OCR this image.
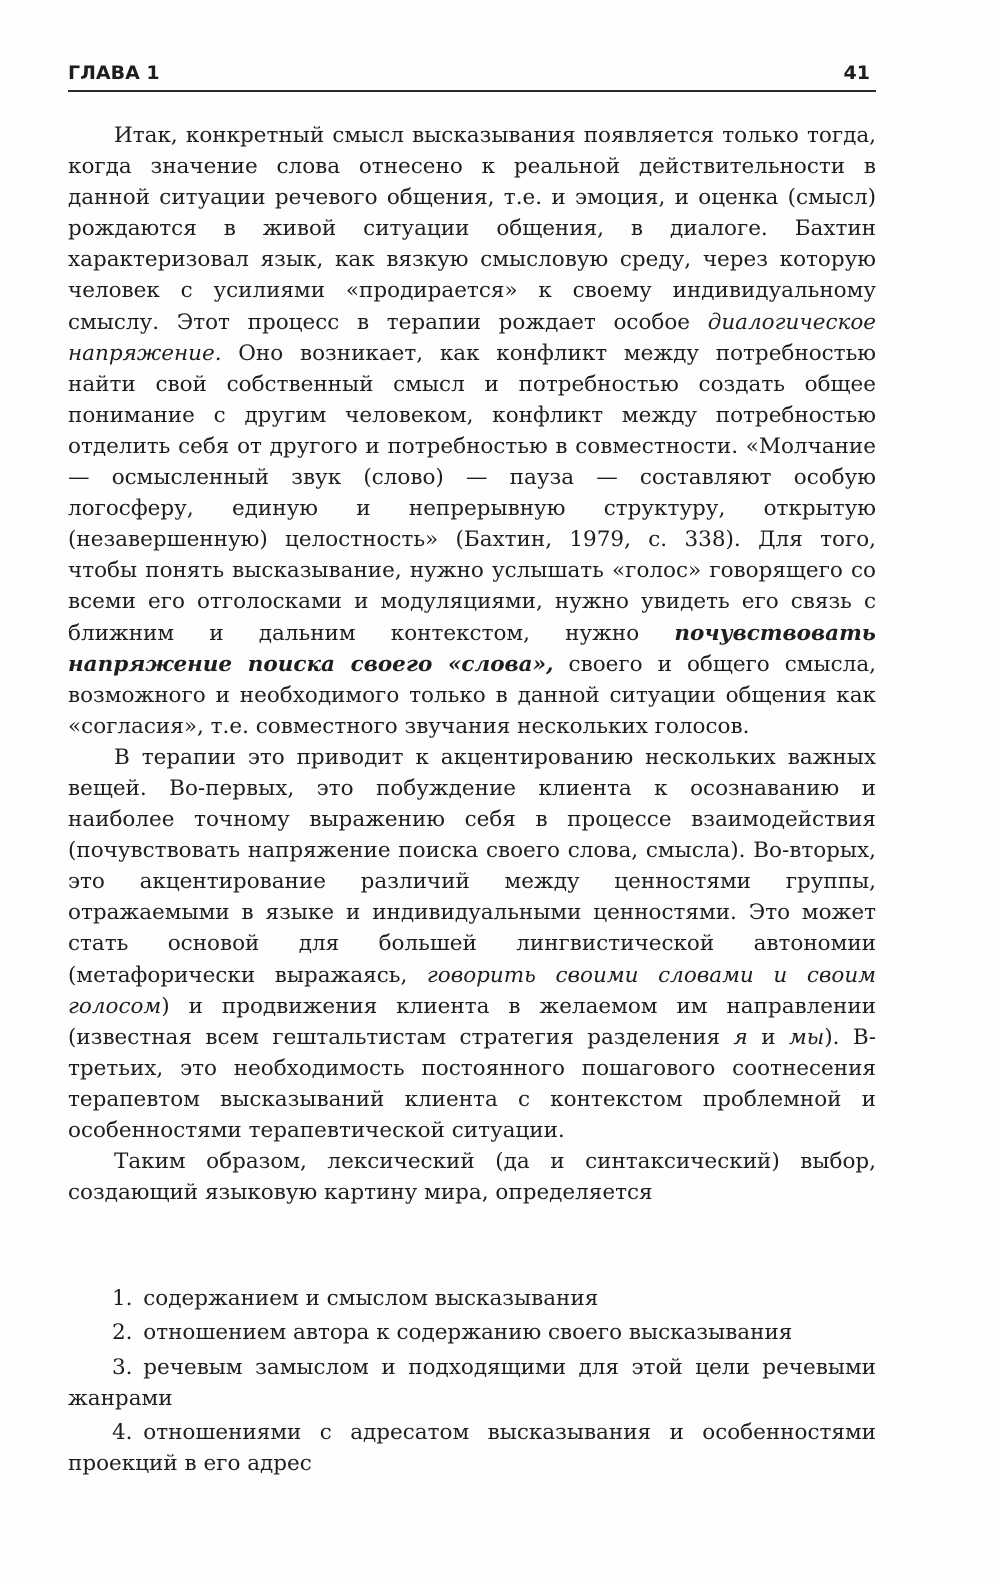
ГЛАВА 1	41

Итак, конкретный смысл высказывания появляется только тогда, когда значение слова отнесено к реальной действительности в данной ситуации речевого общения, т.е. и эмоция, и оценка (смысл) рождаются в живой ситуации общения, в диалоге. Бахтин характеризовал язык, как вязкую смысловую среду, через которую человек с усилиями «продирается» к своему индивидуальному смыслу. Этот процесс в терапии рождает особое диалогическое напряжение. Оно возникает, как конфликт между потребностью найти свой собственный смысл и потребностью создать общее понимание с другим человеком, конфликт между потребностью отделить себя от другого и потребностью в совместности. «Молчание — осмысленный звук (слово) — пауза — составляют особую логосферу, единую и непрерывную структуру, открытую (незавершенную) целостность» (Бахтин, 1979, с. 338). Для того, чтобы понять высказывание, нужно услышать «голос» говорящего со всеми его отголосками и модуляциями, нужно увидеть его связь с ближним и дальним контекстом, нужно почувствовать напряжение поиска своего «слова», своего и общего смысла, возможного и необходимого только в данной ситуации общения как «согласия», т.е. совместного звучания нескольких голосов.

В терапии это приводит к акцентированию нескольких важных вещей. Во-первых, это побуждение клиента к осознаванию и наиболее точному выражению себя в процессе взаимодействия (почувствовать напряжение поиска своего слова, смысла). Во-вторых, это акцентирование различий между ценностями группы, отражаемыми в языке и индивидуальными ценностями. Это может стать основой для большей лингвистической автономии (метафорически выражаясь, говорить своими словами и своим голосом) и продвижения клиента в желаемом им направлении (известная всем гештальтистам стратегия разделения я и мы). В-третьих, это необходимость постоянного пошагового соотнесения терапевтом высказываний клиента с контекстом проблемной и особенностями терапевтической ситуации.

Таким образом, лексический (да и синтаксический) выбор, создающий языковую картину мира, определяется

1.  содержанием и смыслом высказывания
2.  отношением автора к содержанию своего высказывания
3.  речевым замыслом и подходящими для этой цели речевыми жанрами
4.  отношениями с адресатом высказывания и особенностями проекций в его адрес
